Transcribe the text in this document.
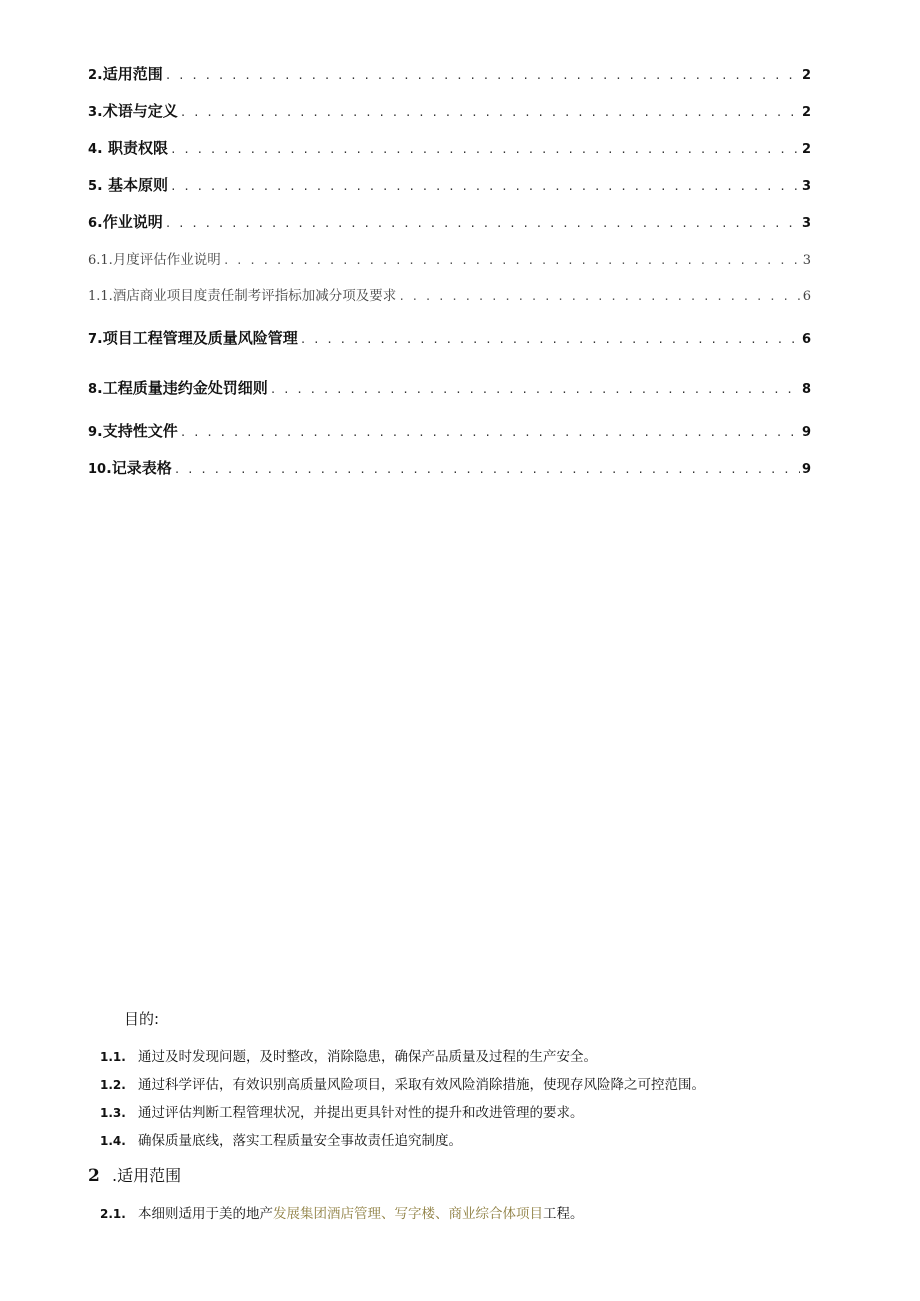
2 .适用范围 . . .	2
3 .术语与定义 . . .	2
4 . 职责权限 . . .	2
5 . 基本原则 . . .	3
6 .作业说明 . . .	3
6.1. 月度评估作业说明 . . .	3
1.1. 酒店商业项目度责任制考评指标加减分项及要求 . . .	6
7 .项目工程管理及质量风险管理 . . .	6
8 .工程质量违约金处罚细则 . . .	8
9 .支持性文件 . . .	9
10 .记录表格 . . .	9
目的:
1.1. 通过及时发现问题，及时整改，消除隐患，确保产品质量及过程的生产安全。
1.2. 通过科学评估，有效识别高质量风险项目，采取有效风险消除措施，使现存风险降之可控范围。
1.3. 通过评估判断工程管理状况，并提出更具针对性的提升和改进管理的要求。
1.4. 确保质量底线，落实工程质量安全事故责任追究制度。
2 .适用范围
2.1. 本细则适用于美的地产 发展集团酒店管理、写字楼、商业综合体项目 工程。
